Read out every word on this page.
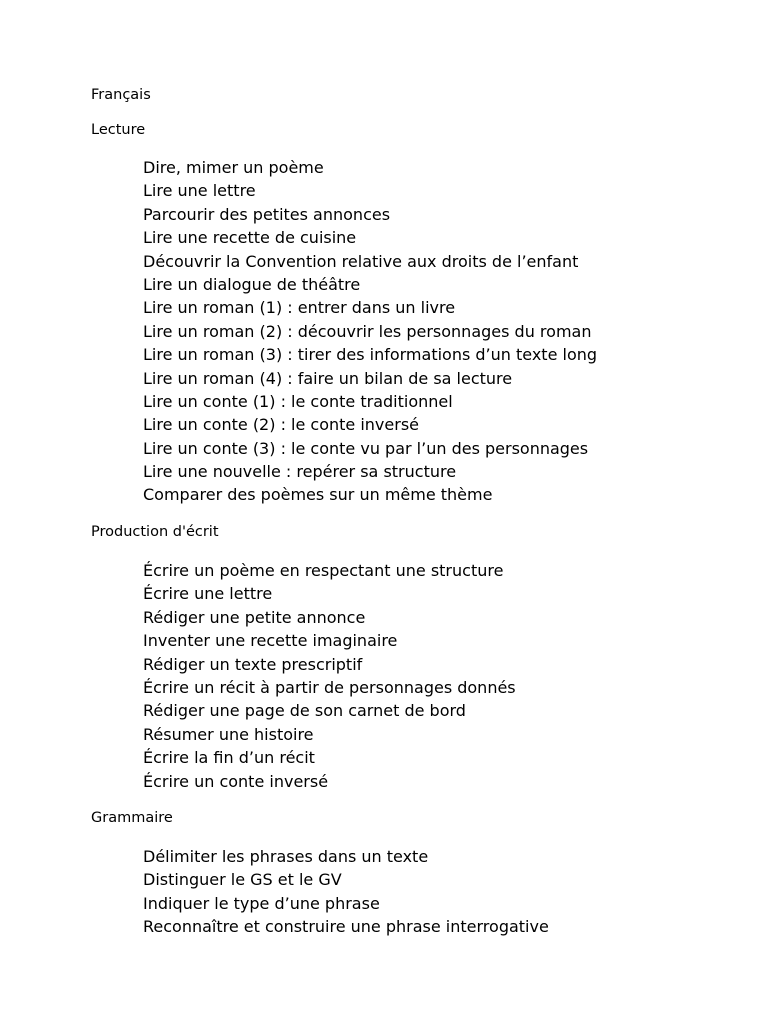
Français
Lecture
Dire, mimer un poème
Lire une lettre
Parcourir des petites annonces
Lire une recette de cuisine
Découvrir la Convention relative aux droits de l’enfant
Lire un dialogue de théâtre
Lire un roman (1) : entrer dans un livre
Lire un roman (2) : découvrir les personnages du roman
Lire un roman (3) : tirer des informations d’un texte long
Lire un roman (4) : faire un bilan de sa lecture
Lire un conte (1) : le conte traditionnel
Lire un conte (2) : le conte inversé
Lire un conte (3) : le conte vu par l’un des personnages
Lire une nouvelle : repérer sa structure
Comparer des poèmes sur un même thème
Production d'écrit
Écrire un poème en respectant une structure
Écrire une lettre
Rédiger une petite annonce
Inventer une recette imaginaire
Rédiger un texte prescriptif
Écrire un récit à partir de personnages donnés
Rédiger une page de son carnet de bord
Résumer une histoire
Écrire la fin d’un récit
Écrire un conte inversé
Grammaire
Délimiter les phrases dans un texte
Distinguer le GS et le GV
Indiquer le type d’une phrase
Reconnaître et construire une phrase interrogative
